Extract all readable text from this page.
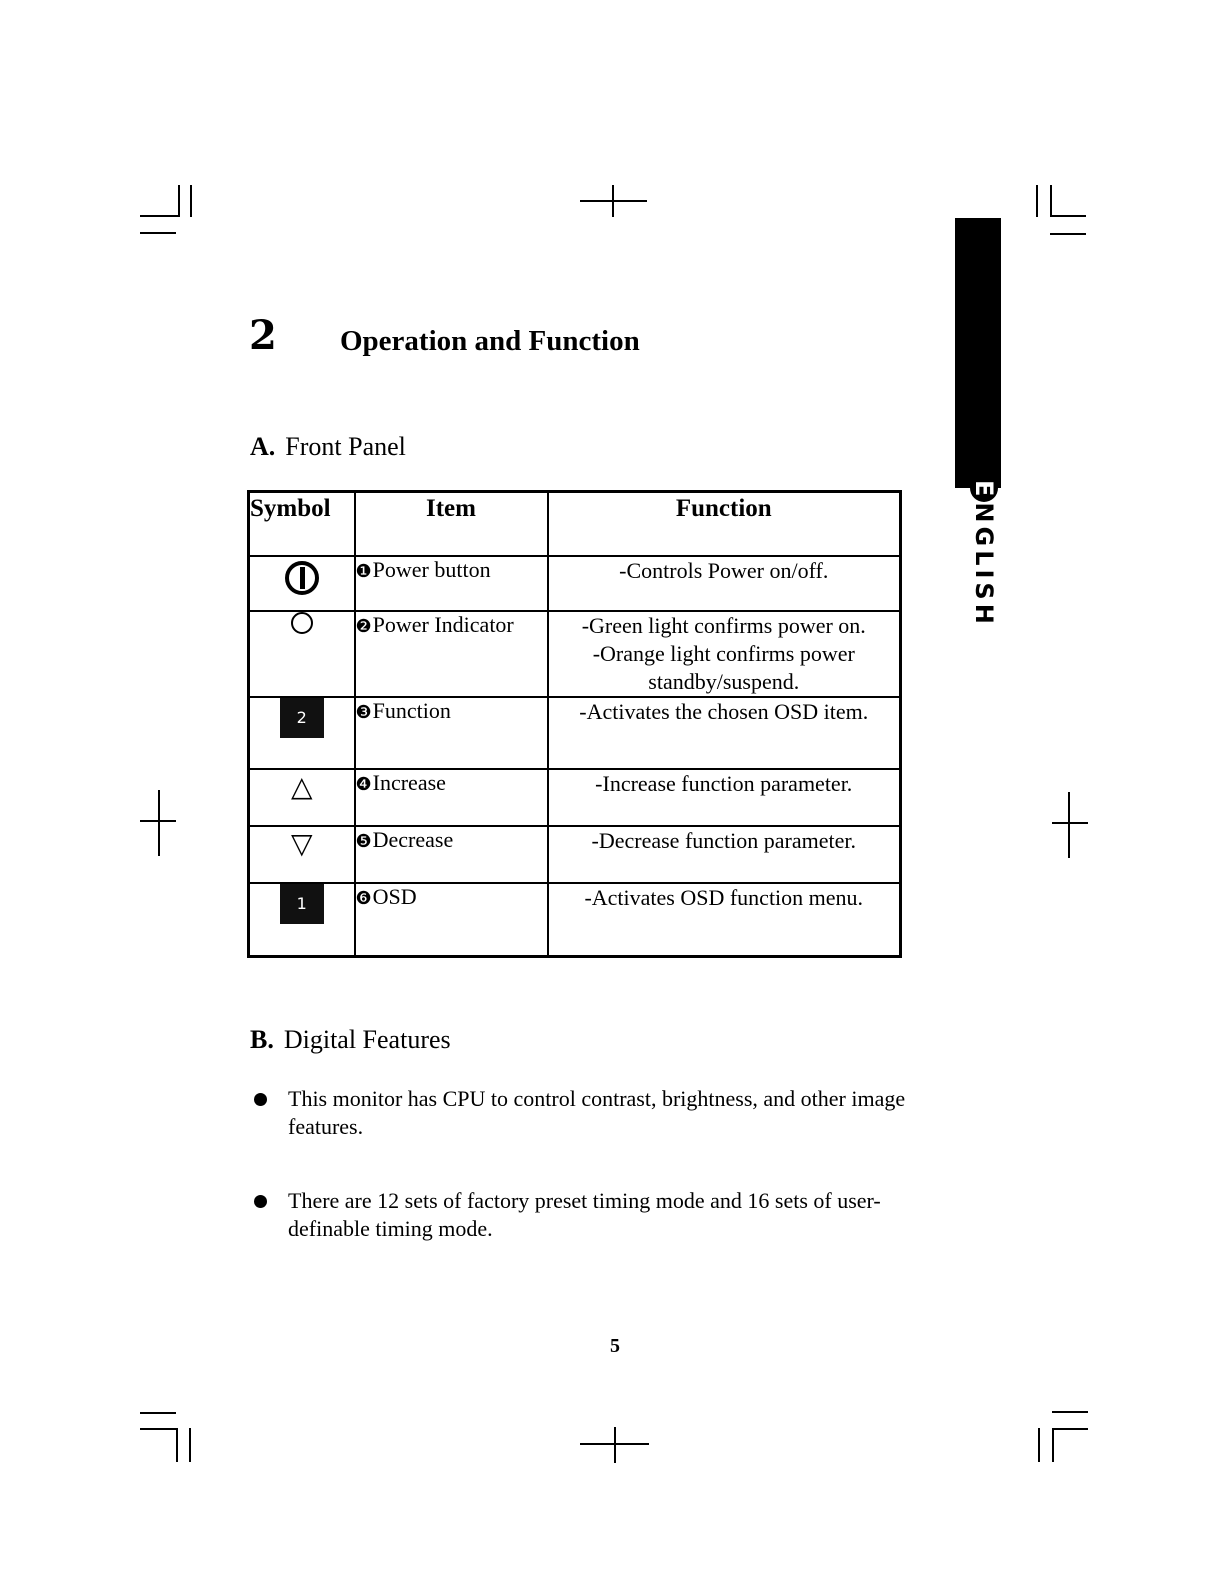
ENGLISH
2 Operation and Function
A. Front Panel
Symbol	Item	Function
	❶Power button	-Controls Power on/off.

	❷Power Indicator	-Green light confirms power on.
-Orange light confirms power
standby/suspend.

2	❸Function	-Activates the chosen OSD item.

△	❹Increase	-Increase function parameter.

▽	❺Decrease	-Decrease function parameter.

1	❻OSD	-Activates OSD function menu.
B. Digital Features
This monitor has CPU to control contrast, brightness, and other image features.
There are 12 sets of factory preset timing mode and 16 sets of user-definable timing mode.
5
